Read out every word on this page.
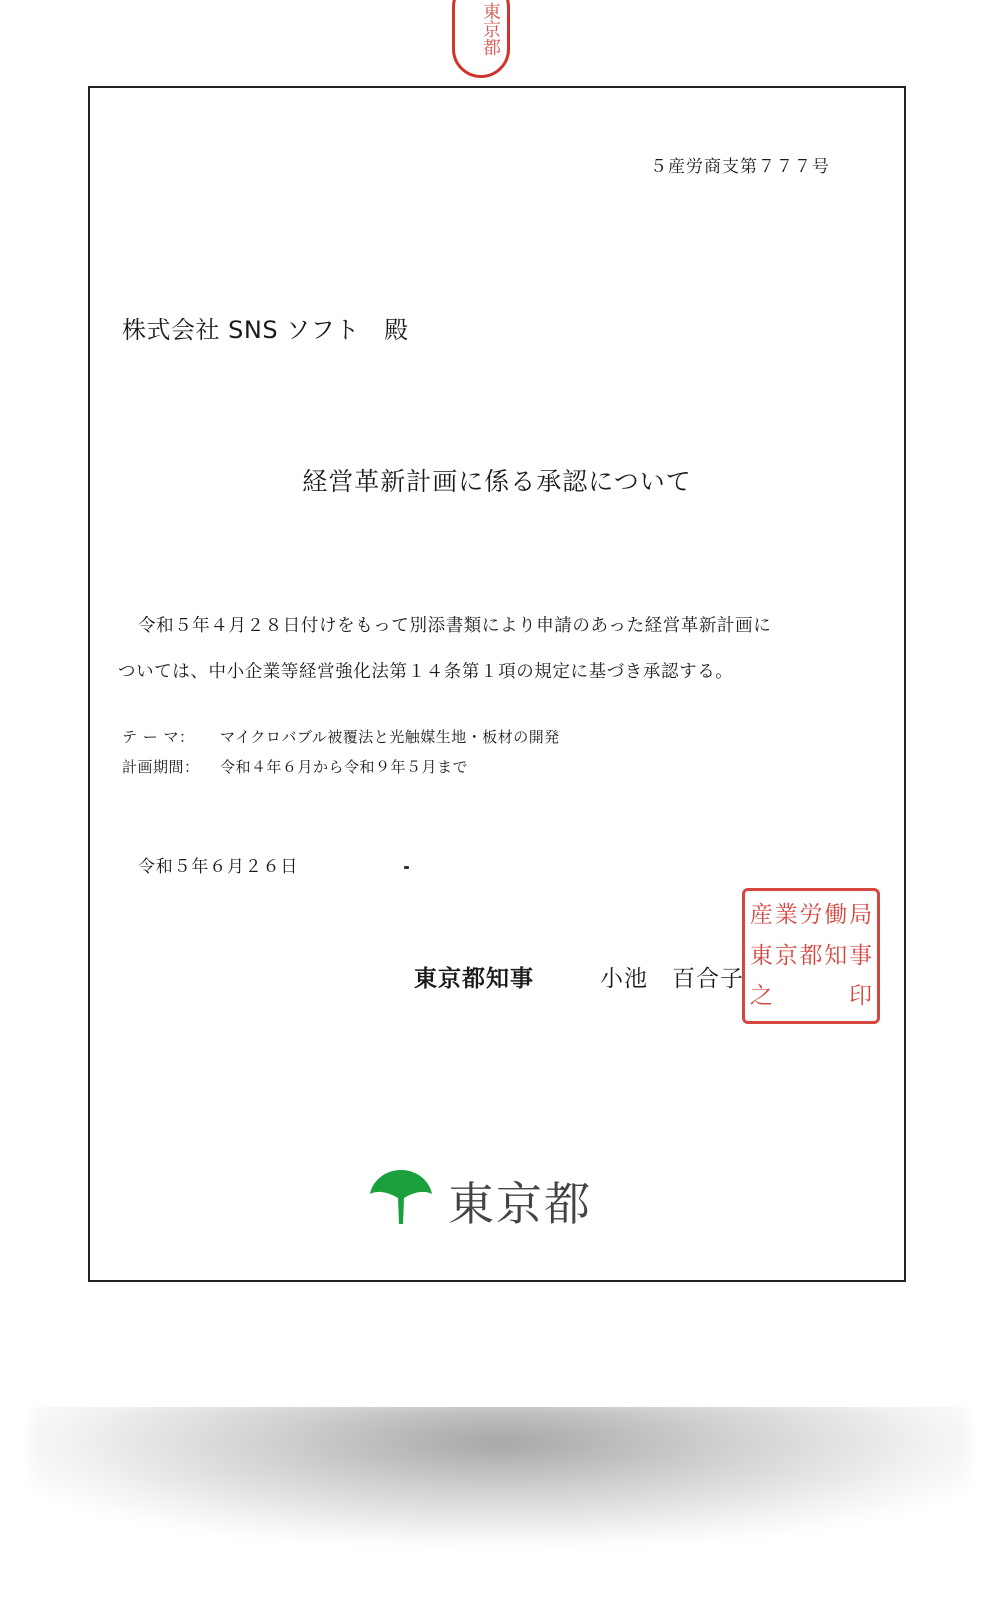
東京都
５産労商支第７７７号
株式会社 SNS ソフト　殿
経営革新計画に係る承認について
令和５年４月２８日付けをもって別添書類により申請のあった経営革新計画に
ついては、中小企業等経営強化法第１４条第１項の規定に基づき承認する。
テ ー マ： マイクロバブル被覆法と光触媒生地・板材の開発
計画期間： 令和４年６月から令和９年５月まで
令和５年６月２６日
東京都知事	小池　百合子
産 業 労 働 局
東 京 都 知 事
之	印
東京都
